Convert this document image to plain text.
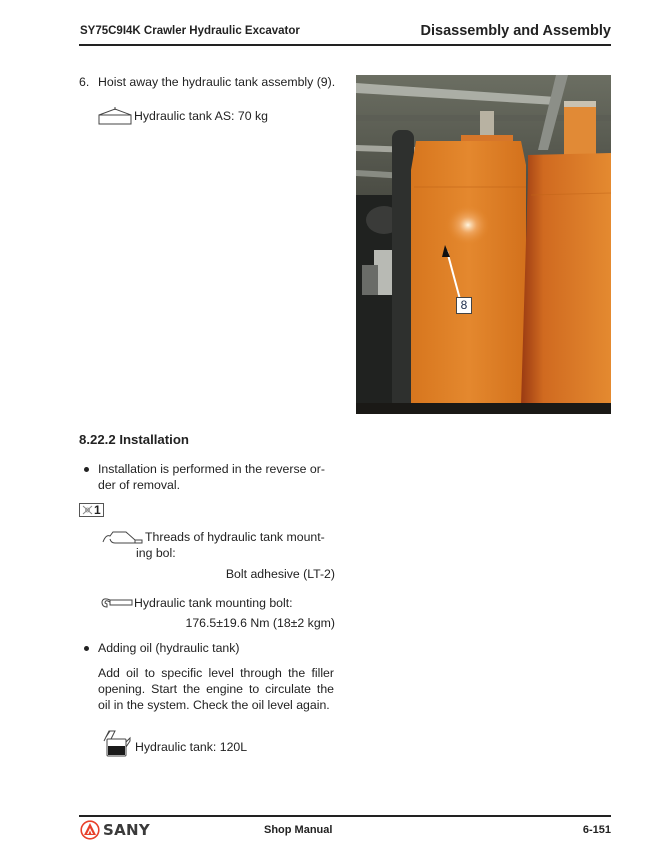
SY75C9I4K Crawler Hydraulic Excavator	Disassembly and Assembly
6. Hoist away the hydraulic tank assembly (9).
Hydraulic tank AS: 70 kg
8
8.22.2 Installation
Installation is performed in the reverse or-
der of removal.
1
Threads of hydraulic tank mount-
ing bol:
Bolt adhesive (LT-2)
Hydraulic tank mounting bolt:
176.5±19.6 Nm (18±2 kgm)
Adding oil (hydraulic tank)
Add oil to specific level through the filler
opening. Start the engine to circulate the
oil in the system. Check the oil level again.
Hydraulic tank: 120L
SANY	Shop Manual	6-151
